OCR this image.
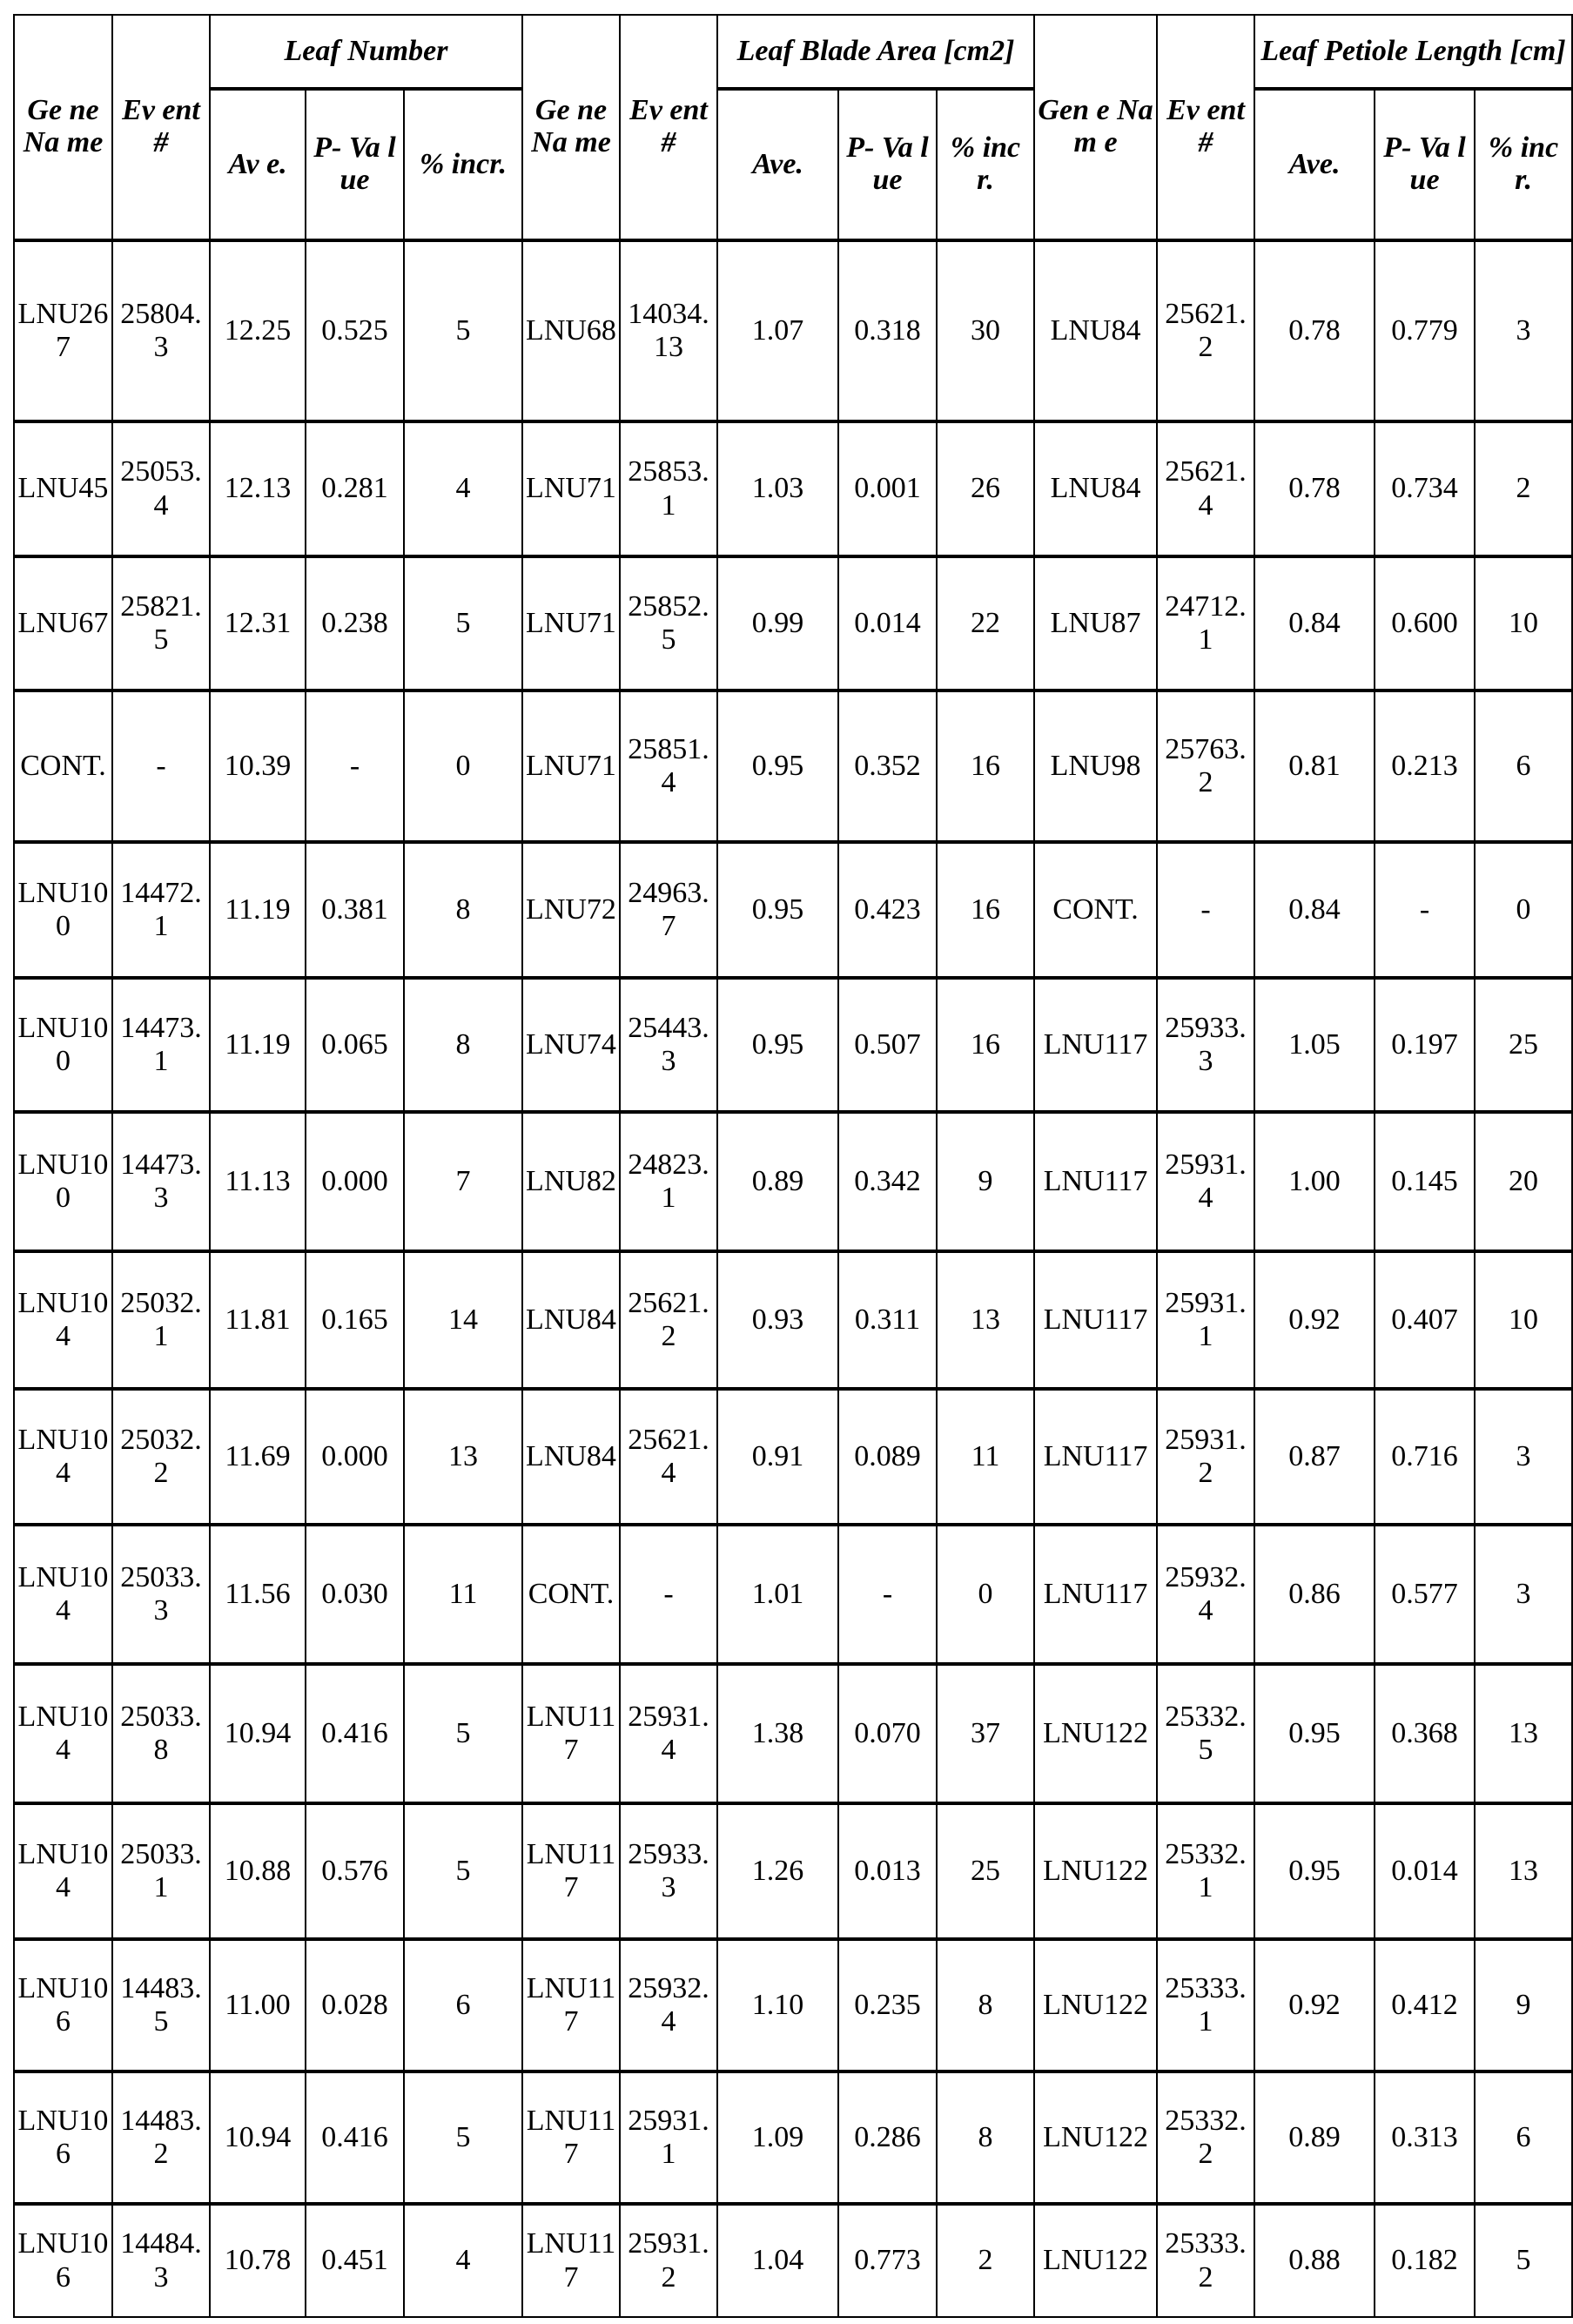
Ge ne Na me	Ev ent #	Leaf Number			Ge ne Na me	Ev ent #	Leaf Blade Area [cm2]			Gen e Nam e	Ev ent #	Leaf Petiole Length [cm]		
		Av e.	P- Va lue	% incr.			Ave.	P- Va lue	% inc r.			Ave.	P- Va lue	% inc r.
LNU267	25804.3	12.25	0.525	5	LNU68	14034.13	1.07	0.318	30	LNU84	25621.2	0.78	0.779	3
LNU45	25053.4	12.13	0.281	4	LNU71	25853.1	1.03	0.001	26	LNU84	25621.4	0.78	0.734	2
LNU67	25821.5	12.31	0.238	5	LNU71	25852.5	0.99	0.014	22	LNU87	24712.1	0.84	0.600	10
CONT.	-	10.39	-	0	LNU71	25851.4	0.95	0.352	16	LNU98	25763.2	0.81	0.213	6
LNU100	14472.1	11.19	0.381	8	LNU72	24963.7	0.95	0.423	16	CONT.	-	0.84	-	0
LNU100	14473.1	11.19	0.065	8	LNU74	25443.3	0.95	0.507	16	LNU117	25933.3	1.05	0.197	25
LNU100	14473.3	11.13	0.000	7	LNU82	24823.1	0.89	0.342	9	LNU117	25931.4	1.00	0.145	20
LNU104	25032.1	11.81	0.165	14	LNU84	25621.2	0.93	0.311	13	LNU117	25931.1	0.92	0.407	10
LNU104	25032.2	11.69	0.000	13	LNU84	25621.4	0.91	0.089	11	LNU117	25931.2	0.87	0.716	3
LNU104	25033.3	11.56	0.030	11	CONT.	-	1.01	-	0	LNU117	25932.4	0.86	0.577	3
LNU104	25033.8	10.94	0.416	5	LNU117	25931.4	1.38	0.070	37	LNU122	25332.5	0.95	0.368	13
LNU104	25033.1	10.88	0.576	5	LNU117	25933.3	1.26	0.013	25	LNU122	25332.1	0.95	0.014	13
LNU106	14483.5	11.00	0.028	6	LNU117	25932.4	1.10	0.235	8	LNU122	25333.1	0.92	0.412	9
LNU106	14483.2	10.94	0.416	5	LNU117	25931.1	1.09	0.286	8	LNU122	25332.2	0.89	0.313	6
LNU106	14484.3	10.78	0.451	4	LNU117	25931.2	1.04	0.773	2	LNU122	25333.2	0.88	0.182	5
